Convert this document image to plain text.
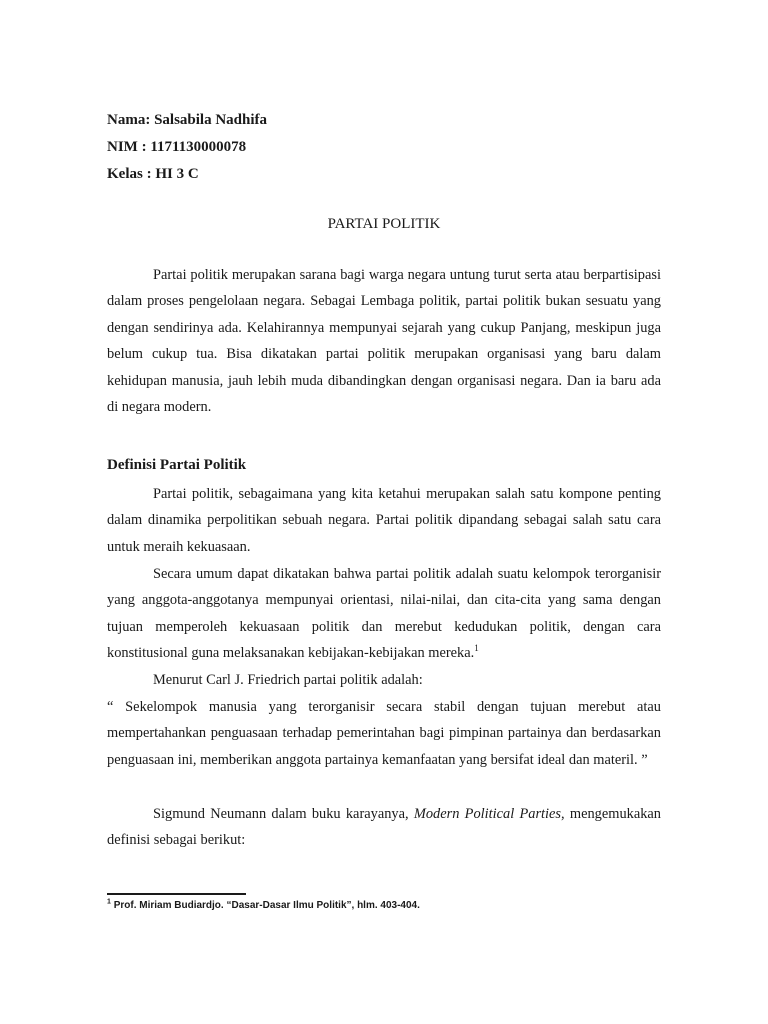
Nama: Salsabila Nadhifa
NIM : 1171130000078
Kelas : HI 3 C
PARTAI POLITIK

Partai politik merupakan sarana bagi warga negara untung turut serta atau berpartisipasi dalam proses pengelolaan negara. Sebagai Lembaga politik, partai politik bukan sesuatu yang dengan sendirinya ada. Kelahirannya mempunyai sejarah yang cukup Panjang, meskipun juga belum cukup tua. Bisa dikatakan partai politik merupakan organisasi yang baru dalam kehidupan manusia, jauh lebih muda dibandingkan dengan organisasi negara. Dan ia baru ada di negara modern.

Definisi Partai Politik

Partai politik, sebagaimana yang kita ketahui merupakan salah satu kompone penting dalam dinamika perpolitikan sebuah negara. Partai politik dipandang sebagai salah satu cara untuk meraih kekuasaan.

Secara umum dapat dikatakan bahwa partai politik adalah suatu kelompok terorganisir yang anggota-anggotanya mempunyai orientasi, nilai-nilai, dan cita-cita yang sama dengan tujuan memperoleh kekuasaan politik dan merebut kedudukan politik, dengan cara konstitusional guna melaksanakan kebijakan-kebijakan mereka.$^1$

Menurut Carl J. Friedrich partai politik adalah:

“ Sekelompok manusia yang terorganisir secara stabil dengan tujuan merebut atau mempertahankan penguasaan terhadap pemerintahan bagi pimpinan partainya dan berdasarkan penguasaan ini, memberikan anggota partainya kemanfaatan yang bersifat ideal dan materil. ”

Sigmund Neumann dalam buku karayanya, Modern Political Parties, mengemukakan definisi sebagai berikut:

$^1$ Prof. Miriam Budiardjo. “Dasar-Dasar Ilmu Politik”, hlm. 403-404.
